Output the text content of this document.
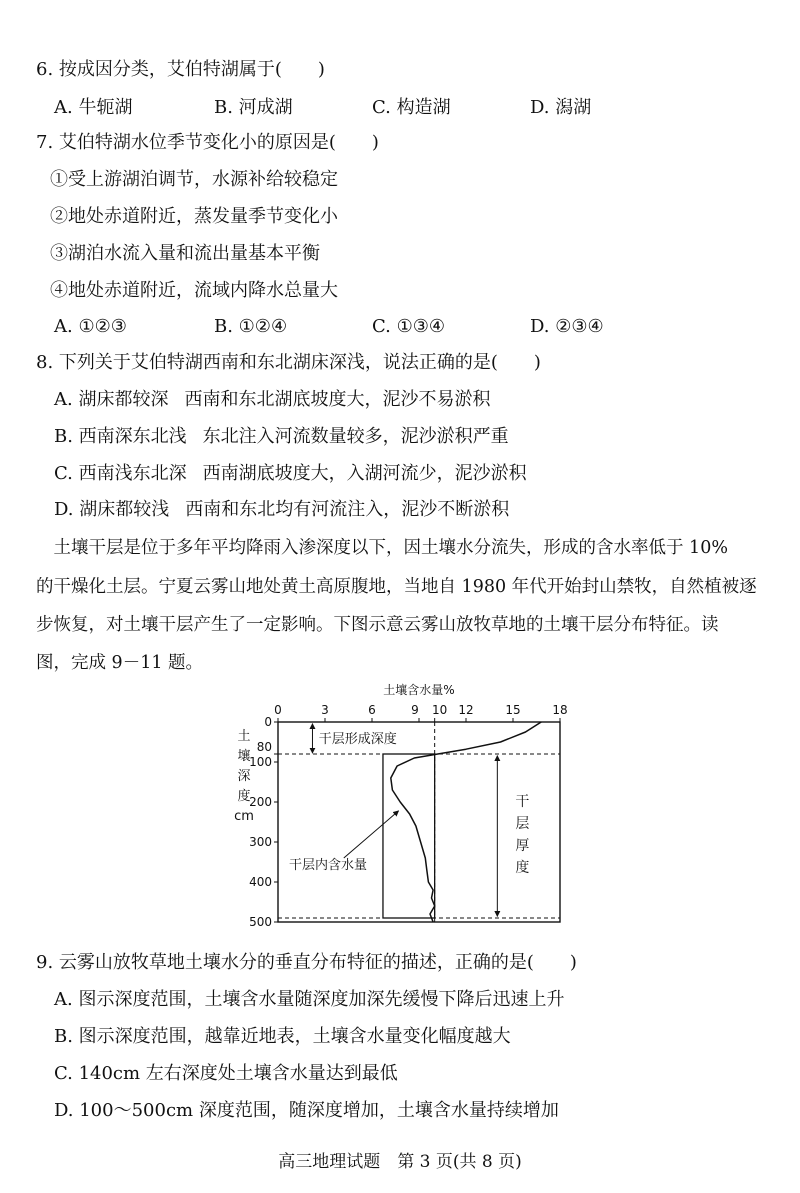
6. 按成因分类，艾伯特湖属于(　　)
A. 牛轭湖	B. 河成湖	C. 构造湖	D. 潟湖
7. 艾伯特湖水位季节变化小的原因是(　　)
①受上游湖泊调节，水源补给较稳定
②地处赤道附近，蒸发量季节变化小
③湖泊水流入量和流出量基本平衡
④地处赤道附近，流域内降水总量大
A. ①②③	B. ①②④	C. ①③④	D. ②③④
8. 下列关于艾伯特湖西南和东北湖床深浅，说法正确的是(　　)
A. 湖床都较深 西南和东北湖底坡度大，泥沙不易淤积
B. 西南深东北浅 东北注入河流数量较多，泥沙淤积严重
C. 西南浅东北深 西南湖底坡度大，入湖河流少，泥沙淤积
D. 湖床都较浅 西南和东北均有河流注入，泥沙不断淤积
　土壤干层是位于多年平均降雨入渗深度以下，因土壤水分流失，形成的含水率低于 10%
的干燥化土层。宁夏云雾山地处黄土高原腹地，当地自 1980 年代开始封山禁牧，自然植被逐
步恢复，对土壤干层产生了一定影响。下图示意云雾山放牧草地的土壤干层分布特征。读
图，完成 9－11 题。
土壤含水量%
0	3	6	9 10 12	15	18
0
80
100
200
300
400
500
土
壤
深
度
cm
干层形成深度
干
层
厚
度
干层内含水量
9. 云雾山放牧草地土壤水分的垂直分布特征的描述，正确的是(　　)
A. 图示深度范围，土壤含水量随深度加深先缓慢下降后迅速上升
B. 图示深度范围，越靠近地表，土壤含水量变化幅度越大
C. 140cm 左右深度处土壤含水量达到最低
D. 100～500cm 深度范围，随深度增加，土壤含水量持续增加
高三地理试题　第 3 页(共 8 页)
